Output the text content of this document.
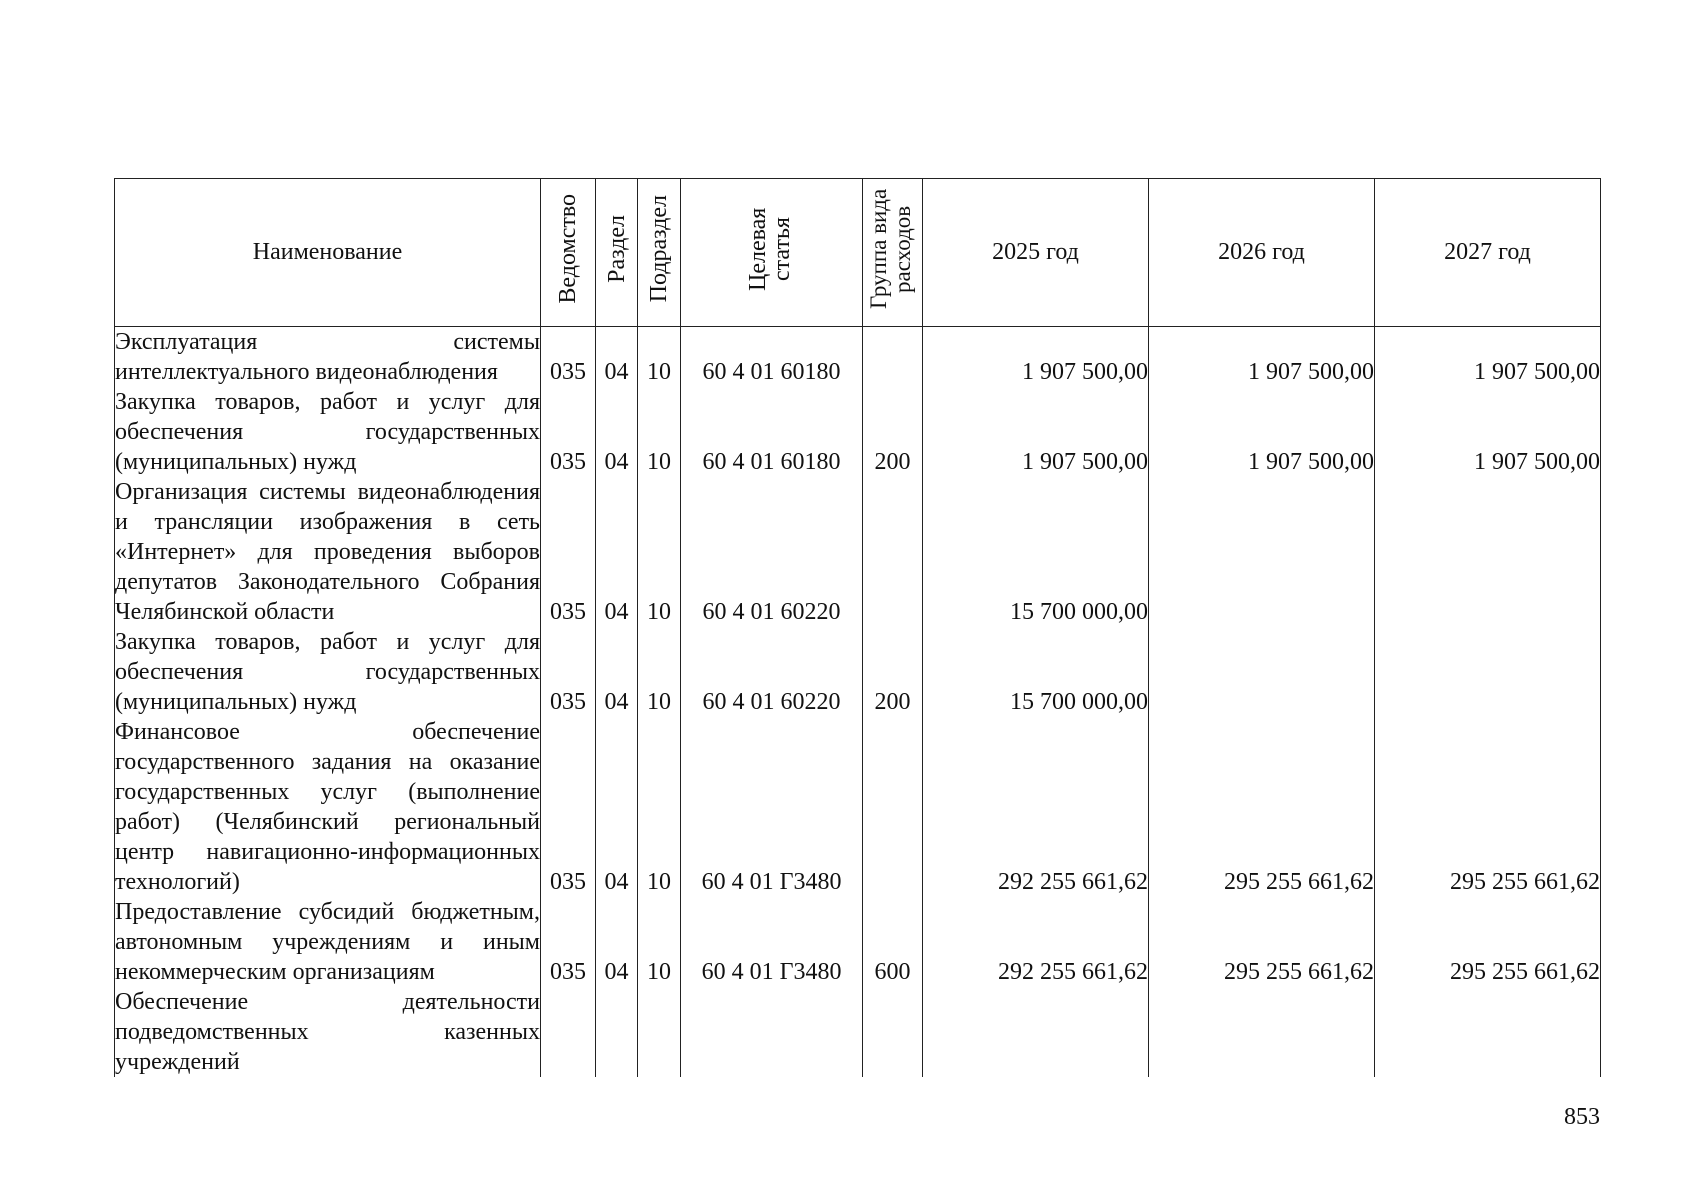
Наименование	Ведомство	Раздел	Подраздел	Целевая статья	Группа вида расходов	2025 год	2026 год	2027 год
Эксплуатация системы интеллектуального видеонаблюдения	035	04	10	60 4 01 60180		1 907 500,00	1 907 500,00	1 907 500,00
Закупка товаров, работ и услуг для обеспечения государственных (муниципальных) нужд	035	04	10	60 4 01 60180	200	1 907 500,00	1 907 500,00	1 907 500,00
Организация системы видеонаблюдения и трансляции изображения в сеть «Интернет» для проведения выборов депутатов Законодательного Собрания Челябинской области	035	04	10	60 4 01 60220		15 700 000,00		
Закупка товаров, работ и услуг для обеспечения государственных (муниципальных) нужд	035	04	10	60 4 01 60220	200	15 700 000,00		
Финансовое обеспечение государственного задания на оказание государственных услуг (выполнение работ) (Челябинский региональный центр навигационно-информационных технологий)	035	04	10	60 4 01 Г3480		292 255 661,62	295 255 661,62	295 255 661,62
Предоставление субсидий бюджетным, автономным учреждениям и иным некоммерческим организациям	035	04	10	60 4 01 Г3480	600	292 255 661,62	295 255 661,62	295 255 661,62
Обеспечение деятельности подведомственных казенных учреждений								
853
